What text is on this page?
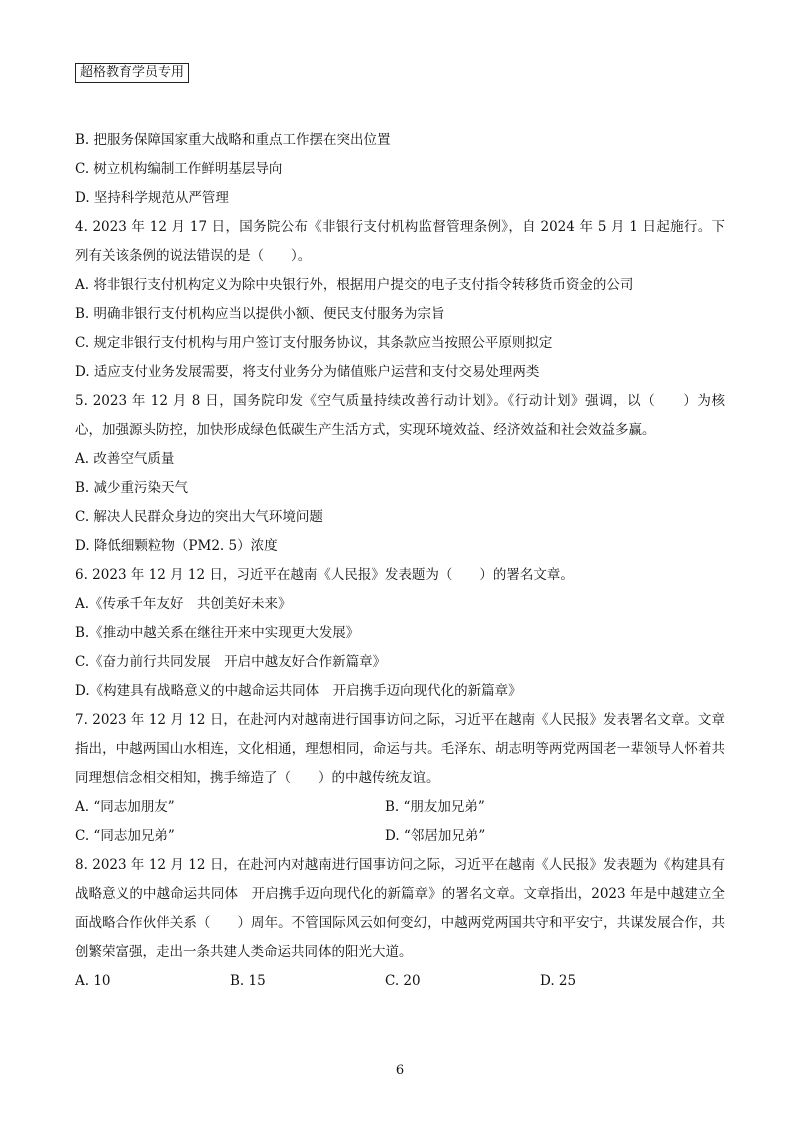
超格教育学员专用

B. 把服务保障国家重大战略和重点工作摆在突出位置

C. 树立机构编制工作鲜明基层导向

D. 坚持科学规范从严管理

4. 2023 年 12 月 17 日，国务院公布《非银行支付机构监督管理条例》，自 2024 年 5 月 1 日起施行。下列有关该条例的说法错误的是（　　）。

A. 将非银行支付机构定义为除中央银行外，根据用户提交的电子支付指令转移货币资金的公司

B. 明确非银行支付机构应当以提供小额、便民支付服务为宗旨

C. 规定非银行支付机构与用户签订支付服务协议，其条款应当按照公平原则拟定

D. 适应支付业务发展需要，将支付业务分为储值账户运营和支付交易处理两类

5. 2023 年 12 月 8 日，国务院印发《空气质量持续改善行动计划》。《行动计划》强调，以（　　）为核心，加强源头防控，加快形成绿色低碳生产生活方式，实现环境效益、经济效益和社会效益多赢。

A. 改善空气质量

B. 减少重污染天气

C. 解决人民群众身边的突出大气环境问题

D. 降低细颗粒物（PM2. 5）浓度

6. 2023 年 12 月 12 日，习近平在越南《人民报》发表题为（　　）的署名文章。

A.《传承千年友好　共创美好未来》

B.《推动中越关系在继往开来中实现更大发展》

C.《奋力前行共同发展　开启中越友好合作新篇章》

D.《构建具有战略意义的中越命运共同体　开启携手迈向现代化的新篇章》

7. 2023 年 12 月 12 日，在赴河内对越南进行国事访问之际，习近平在越南《人民报》发表署名文章。文章指出，中越两国山水相连，文化相通，理想相同，命运与共。毛泽东、胡志明等两党两国老一辈领导人怀着共同理想信念相交相知，携手缔造了（　　）的中越传统友谊。

A. “同志加朋友”	B. “朋友加兄弟”
C. “同志加兄弟”	D. “邻居加兄弟”

8. 2023 年 12 月 12 日，在赴河内对越南进行国事访问之际，习近平在越南《人民报》发表题为《构建具有战略意义的中越命运共同体　开启携手迈向现代化的新篇章》的署名文章。文章指出，2023 年是中越建立全面战略合作伙伴关系（　　）周年。不管国际风云如何变幻，中越两党两国共守和平安宁，共谋发展合作，共创繁荣富强，走出一条共建人类命运共同体的阳光大道。

A. 10	B. 15	C. 20	D. 25
6
